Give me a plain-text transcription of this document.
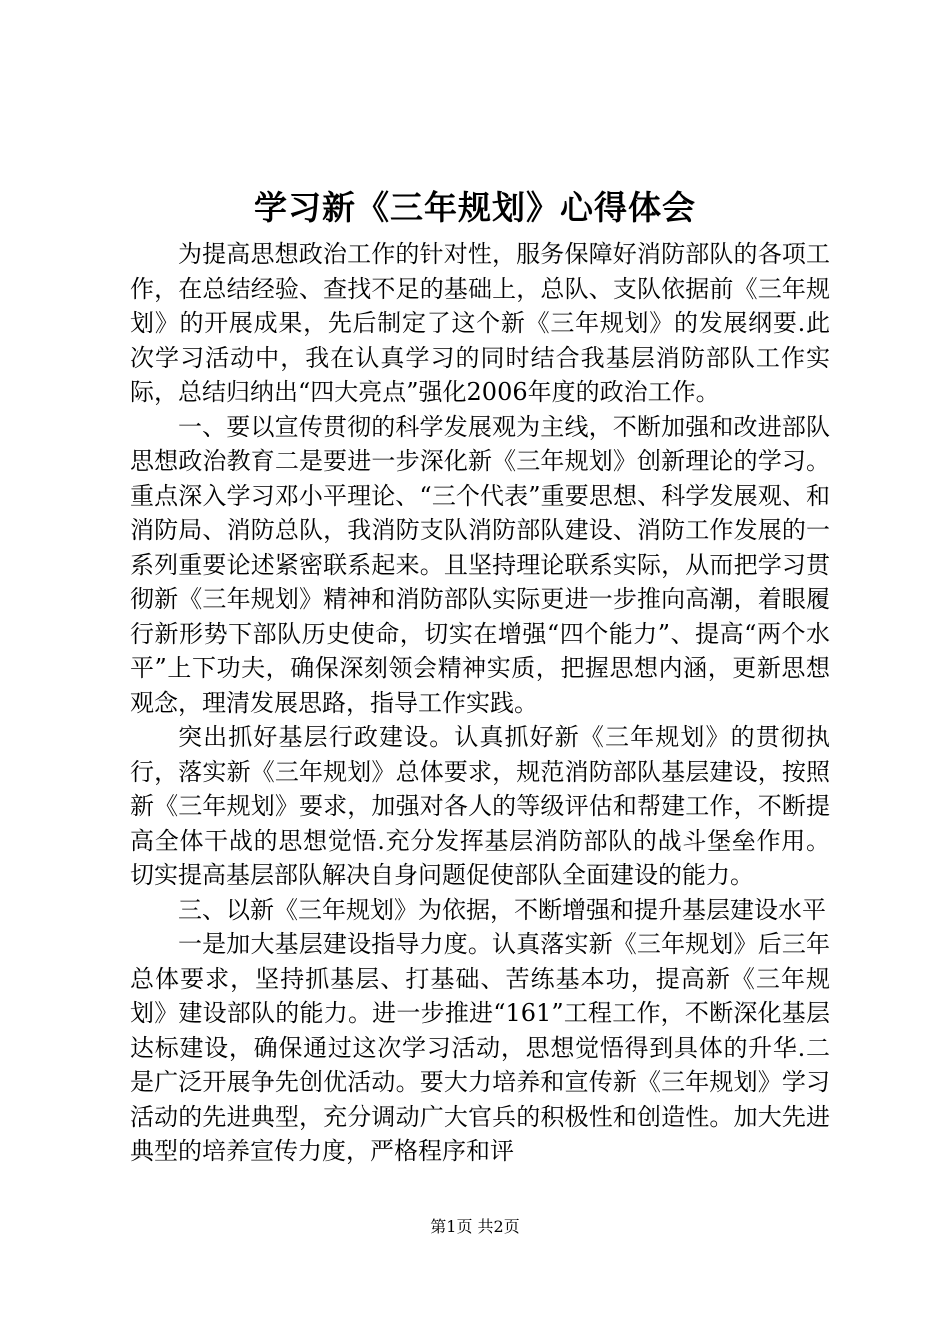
学习新《三年规划》心得体会

为提高思想政治工作的针对性，服务保障好消防部队的各项工作，在总结经验、查找不足的基础上，总队、支队依据前《三年规划》的开展成果，先后制定了这个新《三年规划》的发展纲要.此次学习活动中，我在认真学习的同时结合我基层消防部队工作实际，总结归纳出“四大亮点”强化2006年度的政治工作。

一、要以宣传贯彻的科学发展观为主线，不断加强和改进部队思想政治教育二是要进一步深化新《三年规划》创新理论的学习。重点深入学习邓小平理论、“三个代表”重要思想、科学发展观、和消防局、消防总队，我消防支队消防部队建设、消防工作发展的一系列重要论述紧密联系起来。且坚持理论联系实际，从而把学习贯彻新《三年规划》精神和消防部队实际更进一步推向高潮，着眼履行新形势下部队历史使命，切实在增强“四个能力”、提高“两个水平”上下功夫，确保深刻领会精神实质，把握思想内涵，更新思想观念，理清发展思路，指导工作实践。

突出抓好基层行政建设。认真抓好新《三年规划》的贯彻执行，落实新《三年规划》总体要求，规范消防部队基层建设，按照新《三年规划》要求，加强对各人的等级评估和帮建工作，不断提高全体干战的思想觉悟.充分发挥基层消防部队的战斗堡垒作用。切实提高基层部队解决自身问题促使部队全面建设的能力。

三、以新《三年规划》为依据，不断增强和提升基层建设水平

一是加大基层建设指导力度。认真落实新《三年规划》后三年总体要求，坚持抓基层、打基础、苦练基本功，提高新《三年规划》建设部队的能力。进一步推进“161”工程工作，不断深化基层达标建设，确保通过这次学习活动，思想觉悟得到具体的升华.二是广泛开展争先创优活动。要大力培养和宣传新《三年规划》学习活动的先进典型，充分调动广大官兵的积极性和创造性。加大先进典型的培养宣传力度，严格程序和评

第1页 共2页
